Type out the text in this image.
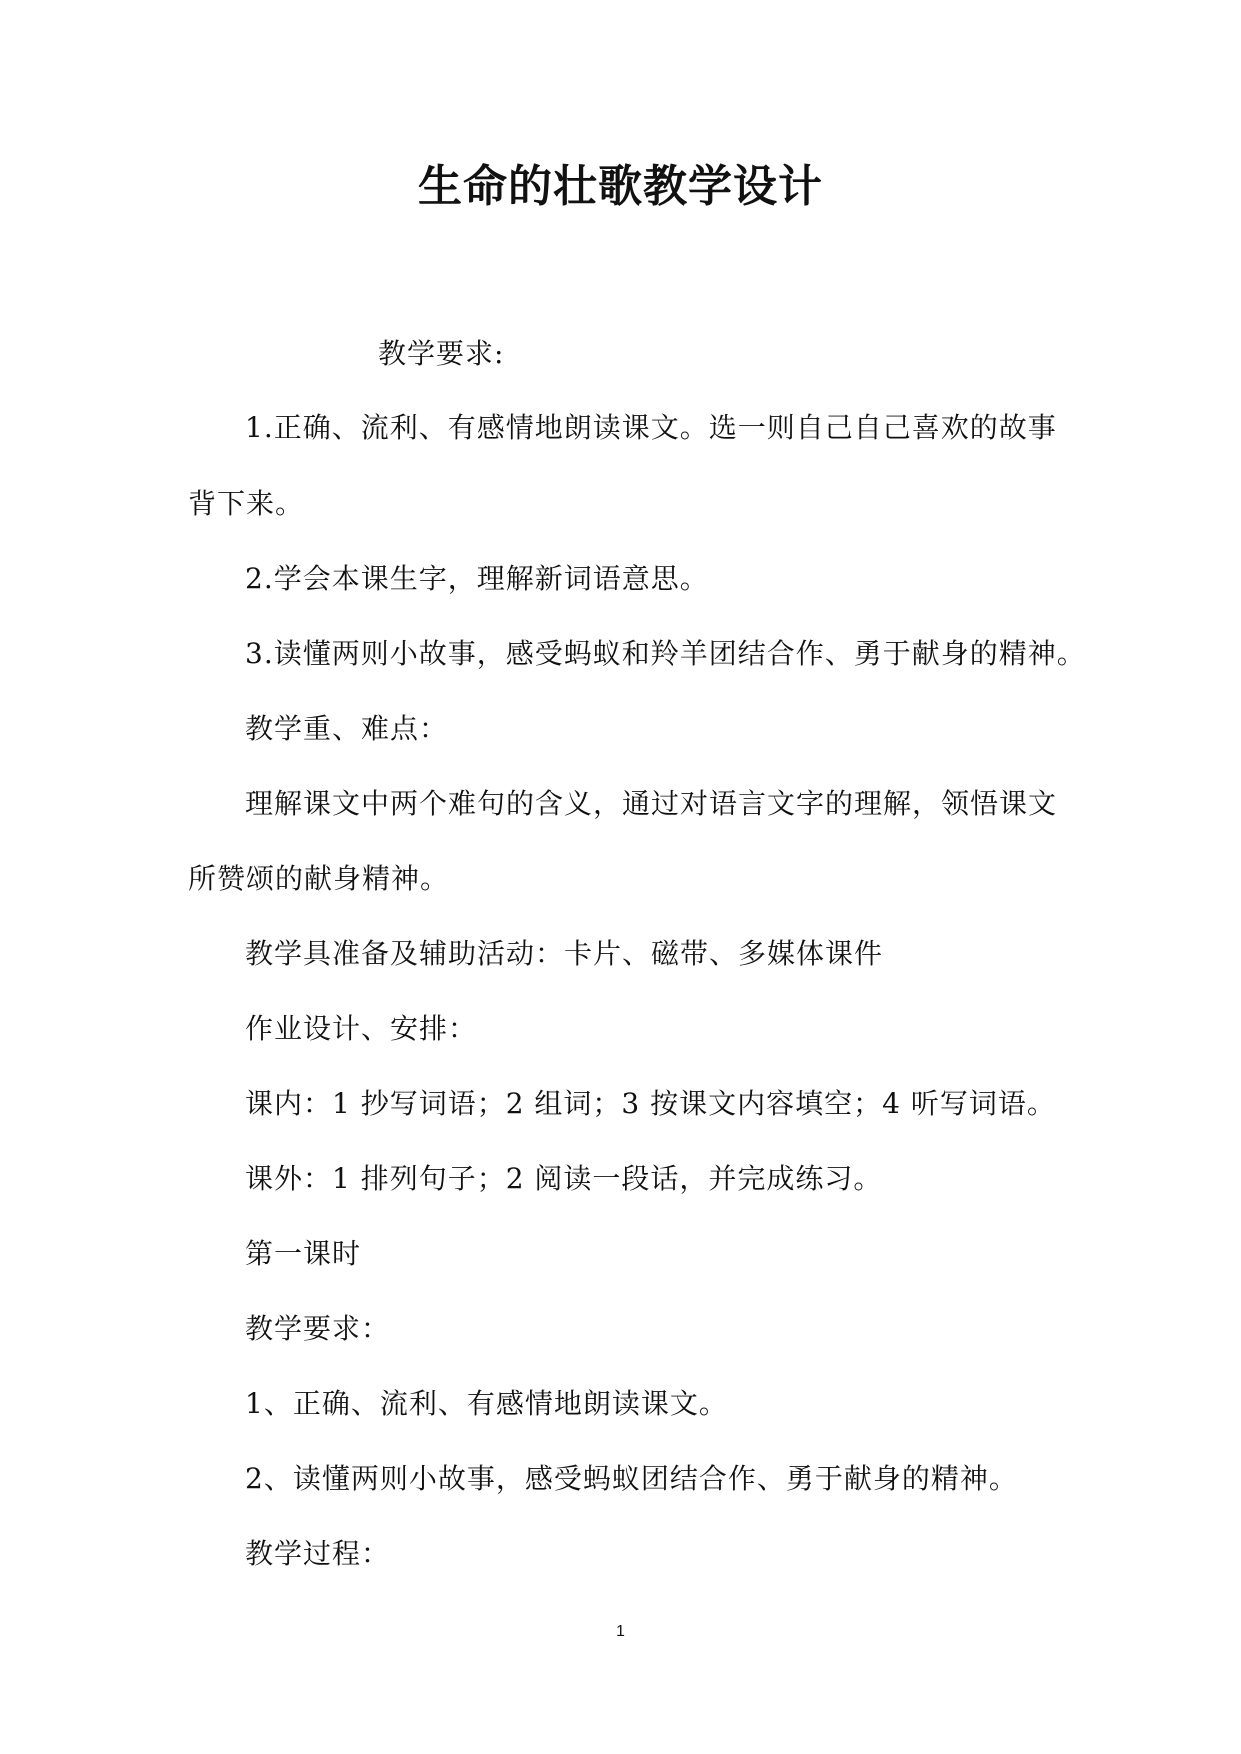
生命的壮歌教学设计
教学要求:
1.正确、流利、有感情地朗读课文。选一则自己自己喜欢的故事
背下来。
2.学会本课生字，理解新词语意思。
3.读懂两则小故事，感受蚂蚁和羚羊团结合作、勇于献身的精神。
教学重、难点：
理解课文中两个难句的含义，通过对语言文字的理解，领悟课文
所赞颂的献身精神。
教学具准备及辅助活动：卡片、磁带、多媒体课件
作业设计、安排：
课内：1 抄写词语；2 组词；3 按课文内容填空；4 听写词语。
课外：1 排列句子；2 阅读一段话，并完成练习。
第一课时
教学要求：
1、正确、流利、有感情地朗读课文。
2、读懂两则小故事，感受蚂蚁团结合作、勇于献身的精神。
教学过程：
1
